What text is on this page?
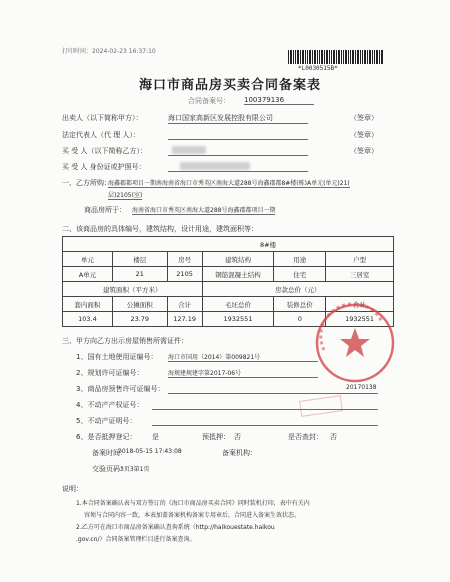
打印时间：2024-02-23 16:37:10
*L0030515B*
海口市商品房买卖合同备案表
合同备案号： 100379136
出卖人（以下简称甲方）：	海口国家高新区发展控股有限公司	（签章）
法定代表人（代 理 人）：	（签章）
买 受 人（以下简称乙方）：	（签章）
买 受 人 身份证或护照号：
一、乙方所购：
海鑫郡都项目一期南海南省海口市秀英区南海大道288号海鑫郡都8#楼(栋)A单元(单元)21(
层)2105(室)
商品房所于： 海南省海口市秀英区南海大道288号海鑫郡都项目一期
二、该商品房的具体编号，建筑结构，设计用途，建筑面积等：
8#楼					
单元	楼层	房号	建筑结构	用途	户型
A单元	21	2105	钢筋混凝土结构	住宅	三居室
建筑面积（平方米）			房款总价（元）		
套内面积	公摊面积	合计	毛坯总价	装修总价	合计
103.4	23.79	127.19	1932551	0	1932551
三、甲方向乙方出示房屋销售所需证件：
1、国有土地使用证编号： 海口市国用（2014）第009821号
2、规划许可证编号：	海规建规建字第2017-06号
3、商品房预售许可证编号：	20170138
4、不动产产权证号：
5、不动产证明号：
6、是否抵押登记： 是	预抵押： 否	是否查封： 否
备案时间：
2018-05-15 17:43:08	备案机构：
交验页码：
3页3第1页
说明：
1.本合同备案确认表与双方签订的《海口市商品房买卖合同》同时装机打印，表中有关内
容须与合同内容一致，本表加盖备案机构备案专用章后，合同进入备案生效状态。
2.乙方可在海口市商品房备案确认查询系统（http://haikouestate.haikou
.gov.cn/）合同备案管理栏目进行备案查询。
